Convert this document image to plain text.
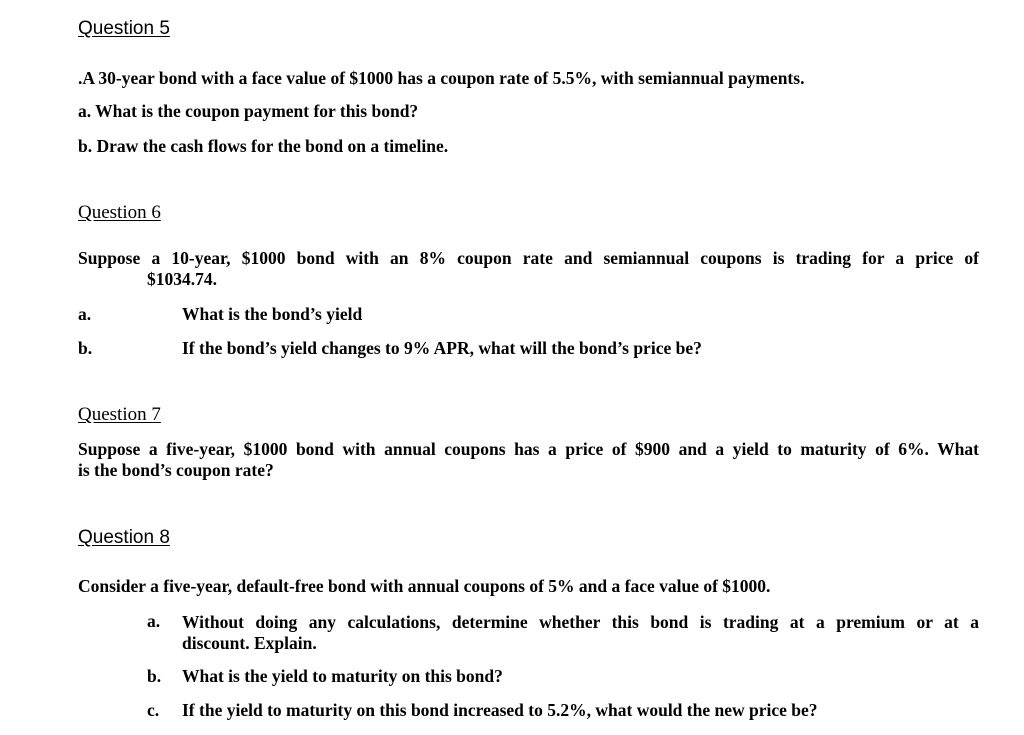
Question 5
.A 30-year bond with a face value of $1000 has a coupon rate of 5.5%, with semiannual payments.
a. What is the coupon payment for this bond?
b. Draw the cash flows for the bond on a timeline.
Question 6
Suppose a 10-year, $1000 bond with an 8% coupon rate and semiannual coupons is trading for a price of
$1034.74.
a.	What is the bond’s yield
b.	If the bond’s yield changes to 9% APR, what will the bond’s price be?
Question 7
Suppose a five-year, $1000 bond with annual coupons has a price of $900 and a yield to maturity of 6%. What
is the bond’s coupon rate?
Question 8
Consider a five-year, default-free bond with annual coupons of 5% and a face value of $1000.
a. Without doing any calculations, determine whether this bond is trading at a premium or at a
discount. Explain.
b. What is the yield to maturity on this bond?
c. If the yield to maturity on this bond increased to 5.2%, what would the new price be?
